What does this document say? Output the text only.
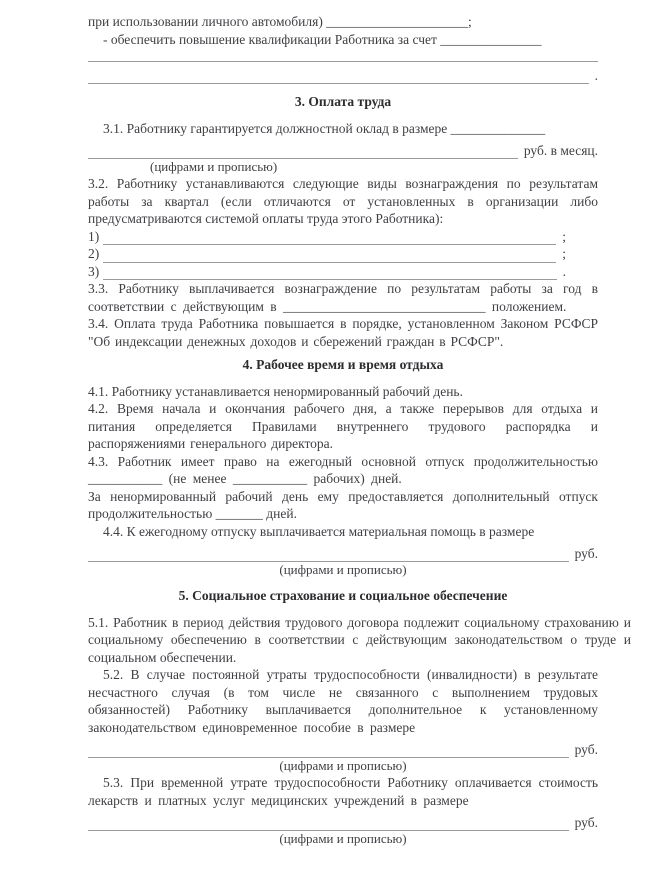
при использовании личного автомобиля) _____________________;

- обеспечить повышение квалификации Работника за счет _______________

.

3. Оплата труда

3.1. Работнику гарантируется должностной оклад в размере ______________

руб. в месяц.

(цифрами и прописью)

3.2. Работнику устанавливаются следующие виды вознаграждения по результатам работы за квартал (если отличаются от установленных в организации либо предусматриваются системой оплаты труда этого Работника):

1)	;
2)	;
3)	.

3.3. Работнику выплачивается вознаграждение по результатам работы за год в соответствии с действующим в ______________________________ положением.

3.4. Оплата труда Работника повышается в порядке, установленном Законом РСФСР "Об индексации денежных доходов и сбережений граждан в РСФСР".

4. Рабочее время и время отдыха

4.1. Работнику устанавливается ненормированный рабочий день.

4.2. Время начала и окончания рабочего дня, а также перерывов для отдыха и питания определяется Правилами внутреннего трудового распорядка и распоряжениями генерального директора.

4.3. Работник имеет право на ежегодный основной отпуск продолжительностью ___________ (не менее ___________ рабочих) дней.

За ненормированный рабочий день ему предоставляется дополнительный отпуск продолжительностью _______ дней.

4.4. К ежегодному отпуску выплачивается материальная помощь в размере

руб.

(цифрами и прописью)

5. Социальное страхование и социальное обеспечение

5.1. Работник в период действия трудового договора подлежит социальному страхованию и социальному обеспечению в соответствии с действующим законодательством о труде и социальном обеспечении.

5.2. В случае постоянной утраты трудоспособности (инвалидности) в результате несчастного случая (в том числе не связанного с выполнением трудовых обязанностей) Работнику выплачивается дополнительное к установленному законодательством единовременное пособие в размере

руб.

(цифрами и прописью)

5.3. При временной утрате трудоспособности Работнику оплачивается стоимость лекарств и платных услуг медицинских учреждений в размере

руб.

(цифрами и прописью)
